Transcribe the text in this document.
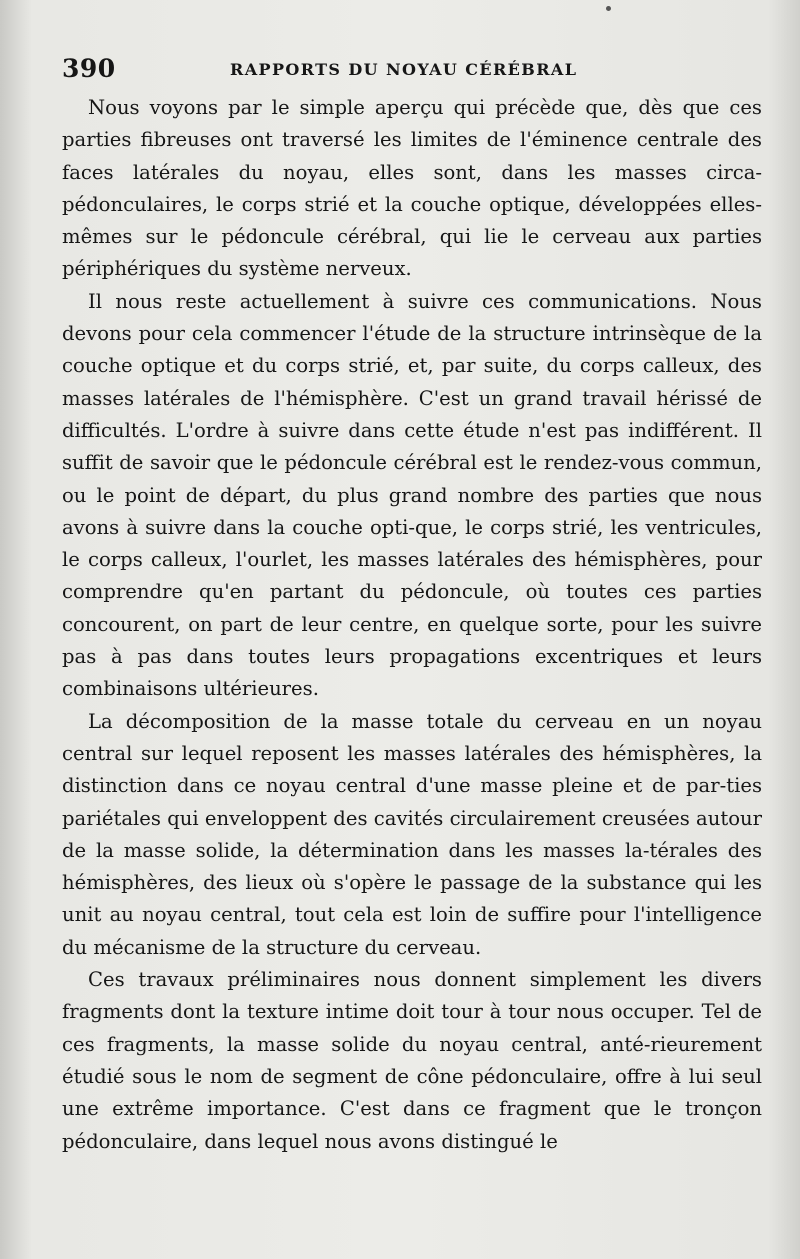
390	RAPPORTS DU NOYAU CÉRÉBRAL

Nous voyons par le simple aperçu qui précède que, dès que ces parties fibreuses ont traversé les limites de l'éminence centrale des faces latérales du noyau, elles sont, dans les masses circa-pédonculaires, le corps strié et la couche optique, développées elles-mêmes sur le pédoncule cérébral, qui lie le cerveau aux parties périphériques du système nerveux.

Il nous reste actuellement à suivre ces communications. Nous devons pour cela commencer l'étude de la structure intrinsèque de la couche optique et du corps strié, et, par suite, du corps calleux, des masses latérales de l'hémisphère. C'est un grand travail hérissé de difficultés. L'ordre à suivre dans cette étude n'est pas indifférent. Il suffit de savoir que le pédoncule cérébral est le rendez-vous commun, ou le point de départ, du plus grand nombre des parties que nous avons à suivre dans la couche opti-que, le corps strié, les ventricules, le corps calleux, l'ourlet, les masses latérales des hémisphères, pour comprendre qu'en partant du pédoncule, où toutes ces parties concourent, on part de leur centre, en quelque sorte, pour les suivre pas à pas dans toutes leurs propagations excentriques et leurs combinaisons ultérieures.

La décomposition de la masse totale du cerveau en un noyau central sur lequel reposent les masses latérales des hémisphères, la distinction dans ce noyau central d'une masse pleine et de par-ties pariétales qui enveloppent des cavités circulairement creusées autour de la masse solide, la détermination dans les masses la-térales des hémisphères, des lieux où s'opère le passage de la substance qui les unit au noyau central, tout cela est loin de suffire pour l'intelligence du mécanisme de la structure du cerveau.

Ces travaux préliminaires nous donnent simplement les divers fragments dont la texture intime doit tour à tour nous occuper. Tel de ces fragments, la masse solide du noyau central, anté-rieurement étudié sous le nom de segment de cône pédonculaire, offre à lui seul une extrême importance. C'est dans ce fragment que le tronçon pédonculaire, dans lequel nous avons distingué le
